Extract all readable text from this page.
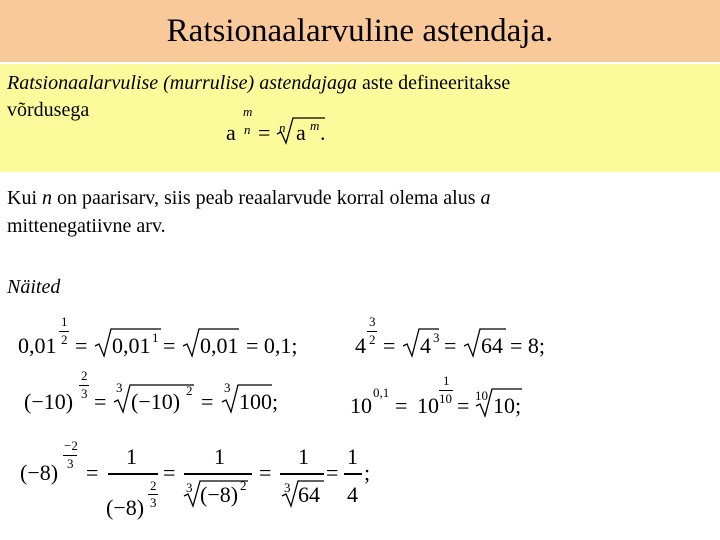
Ratsionaalarvuline astendaja.
Ratsionaalarvulise (murrulise) astendajaga aste defineeritakse
võrdusega
a
m
n = n a m .
Kui n on paarisarv, siis peab reaalarvude korral olema alus a
mittenegatiivne arv.
Näited
0,01
1
2 = 0,01 1 = 0,01 = 0,1;	4
3
2 = 4 3 = 64 = 8;
(−10)
2
3 =
3
(−10) 2 =
3
100;	10
0,1
= 10
1
10 = 10 10;
(−8)
−2
3 =
1
(−8)
2
3
=
1
3 (−8) 2
=
1
3 64
=
1
4
;
